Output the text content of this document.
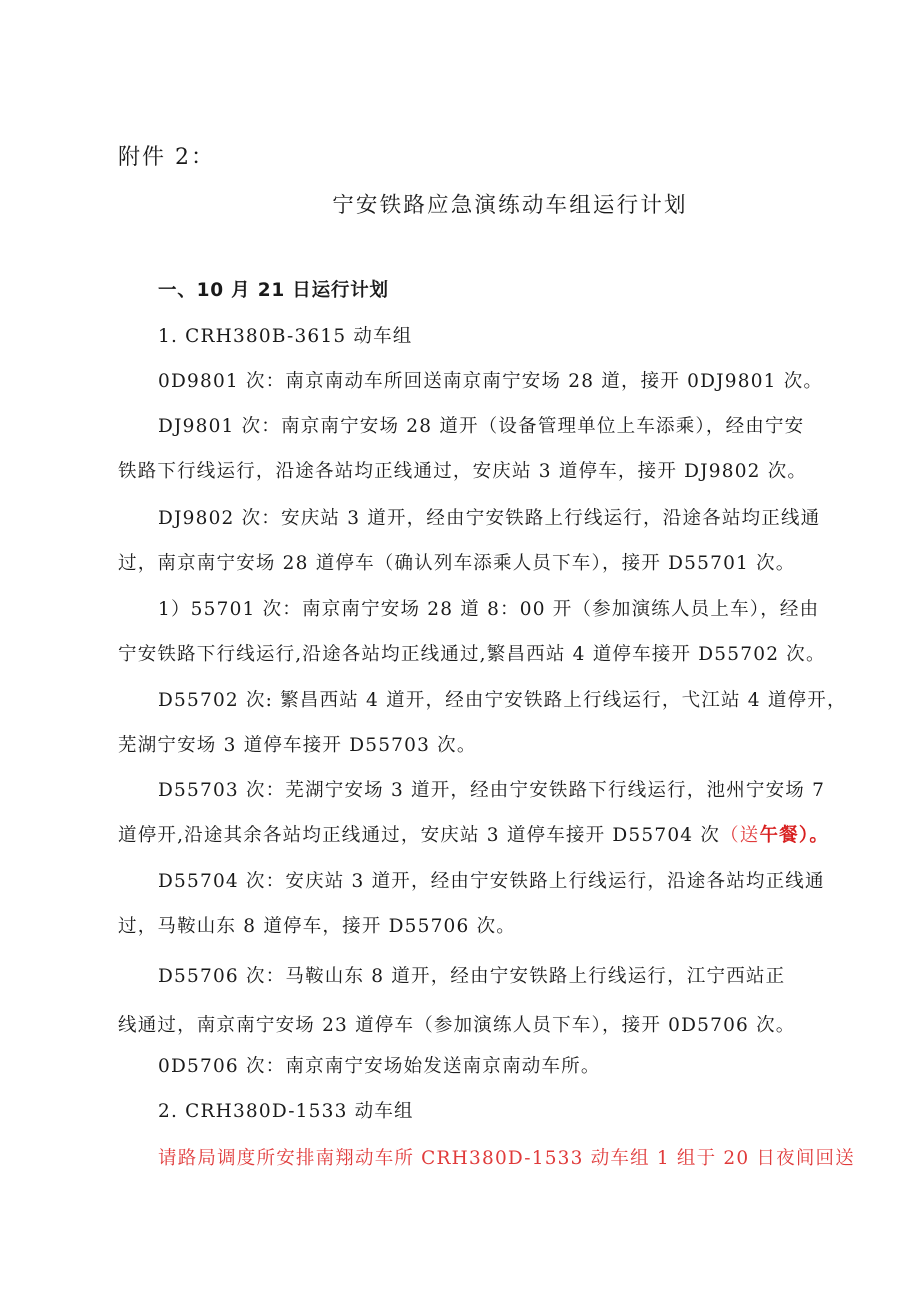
附件 2：
宁安铁路应急演练动车组运行计划
一、10 月 21 日运行计划
1. CRH380B-3615 动车组
0D9801 次：南京南动车所回送南京南宁安场 28 道，接开 0DJ9801 次。
DJ9801 次：南京南宁安场 28 道开（设备管理单位上车添乘），经由宁安
铁路下行线运行，沿途各站均正线通过，安庆站 3 道停车，接开 DJ9802 次。
DJ9802 次：安庆站 3 道开，经由宁安铁路上行线运行，沿途各站均正线通
过，南京南宁安场 28 道停车（确认列车添乘人员下车），接开 D55701 次。
1）55701 次：南京南宁安场 28 道 8：00 开（参加演练人员上车），经由
宁安铁路下行线运行,沿途各站均正线通过,繁昌西站 4 道停车接开 D55702 次。
D55702 次: 繁昌西站 4 道开，经由宁安铁路上行线运行，弋江站 4 道停开，
芜湖宁安场 3 道停车接开 D55703 次。
D55703 次：芜湖宁安场 3 道开，经由宁安铁路下行线运行，池州宁安场 7
道停开,沿途其余各站均正线通过，安庆站 3 道停车接开 D55704 次（送午餐）。
D55704 次：安庆站 3 道开，经由宁安铁路上行线运行，沿途各站均正线通
过，马鞍山东 8 道停车，接开 D55706 次。
D55706 次：马鞍山东 8 道开，经由宁安铁路上行线运行，江宁西站正
线通过，南京南宁安场 23 道停车（参加演练人员下车），接开 0D5706 次。
0D5706 次：南京南宁安场始发送南京南动车所。
2. CRH380D-1533 动车组
请路局调度所安排南翔动车所 CRH380D-1533 动车组 1 组于 20 日夜间回送
